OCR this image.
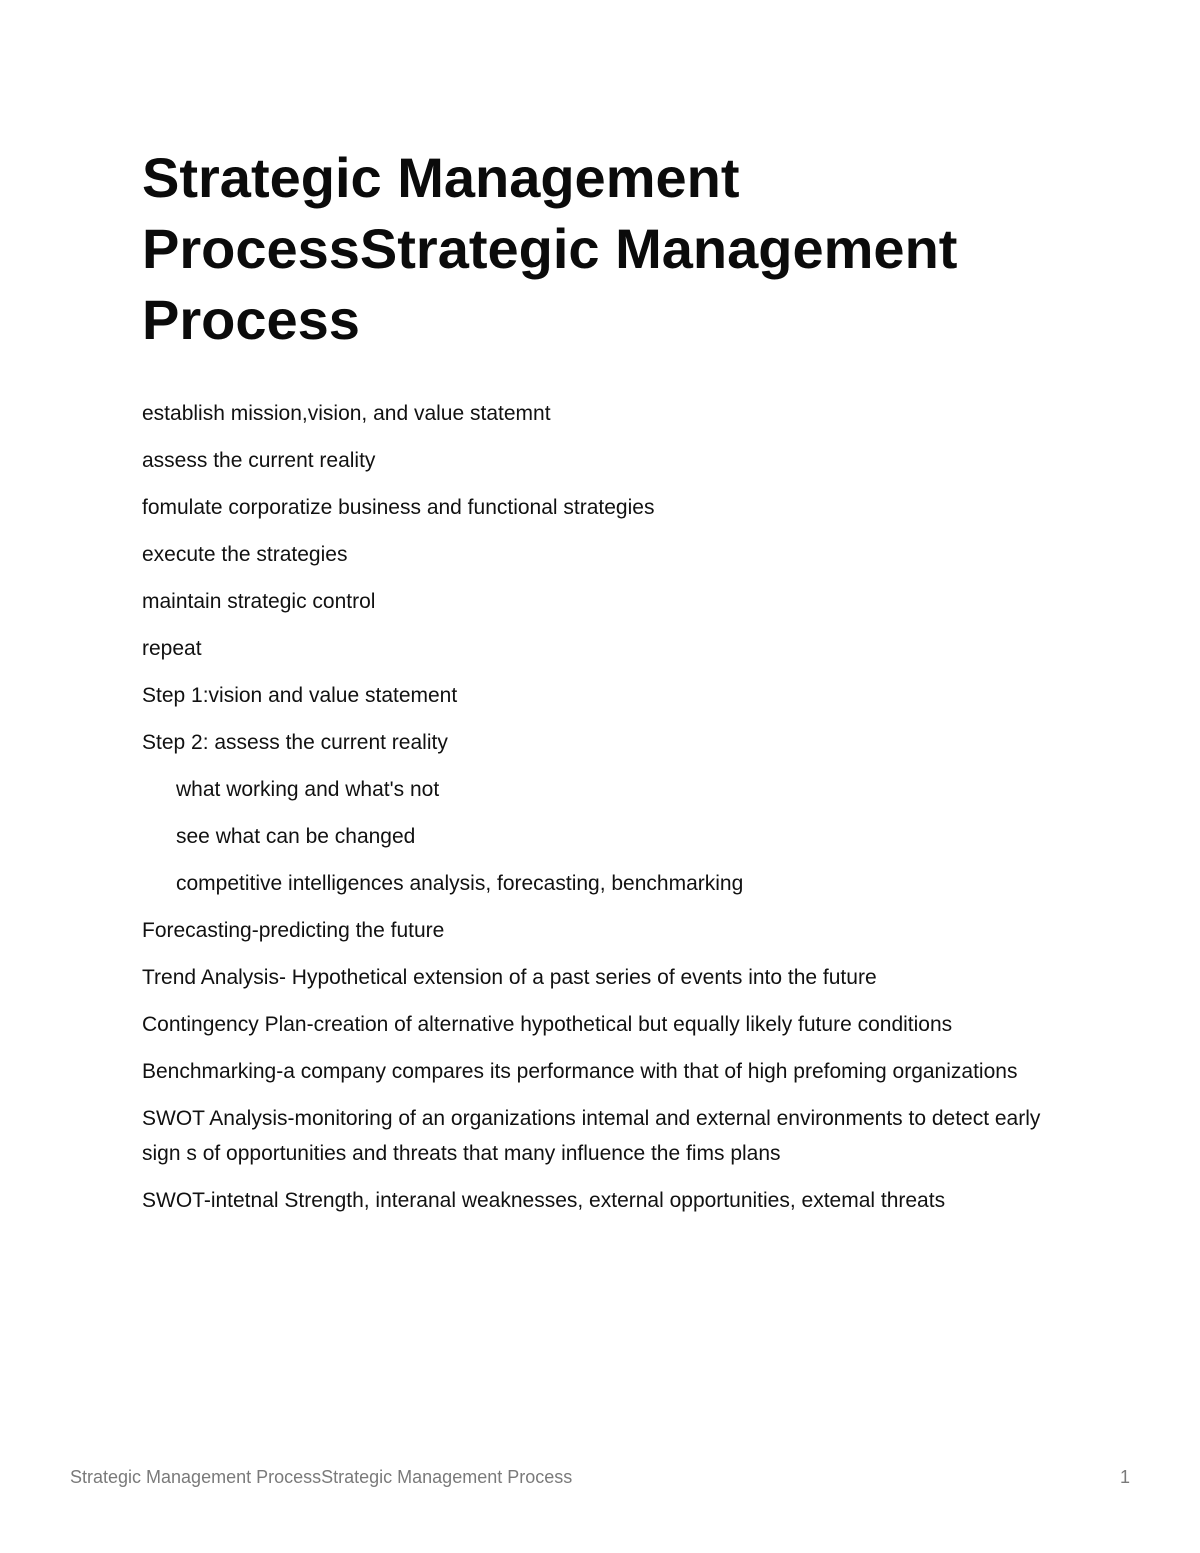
Strategic Management ProcessStrategic Management Process
establish mission,vision, and value statemnt
assess the current reality
fomulate corporatize business and functional strategies
execute the strategies
maintain strategic control
repeat
Step 1:vision and value statement
Step 2: assess the current reality
what working and what's not
see what can be changed
competitive intelligences analysis, forecasting, benchmarking
Forecasting-predicting the future
Trend Analysis- Hypothetical extension of a past series of events into the future
Contingency Plan-creation of alternative hypothetical but equally likely future conditions
Benchmarking-a company compares its performance with that of high prefoming organizations
SWOT Analysis-monitoring of an organizations intemal and external environments to detect early sign s of opportunities and threats that many influence the fims plans
SWOT-intetnal Strength, interanal weaknesses, external opportunities, extemal threats
Strategic Management ProcessStrategic Management Process	1
